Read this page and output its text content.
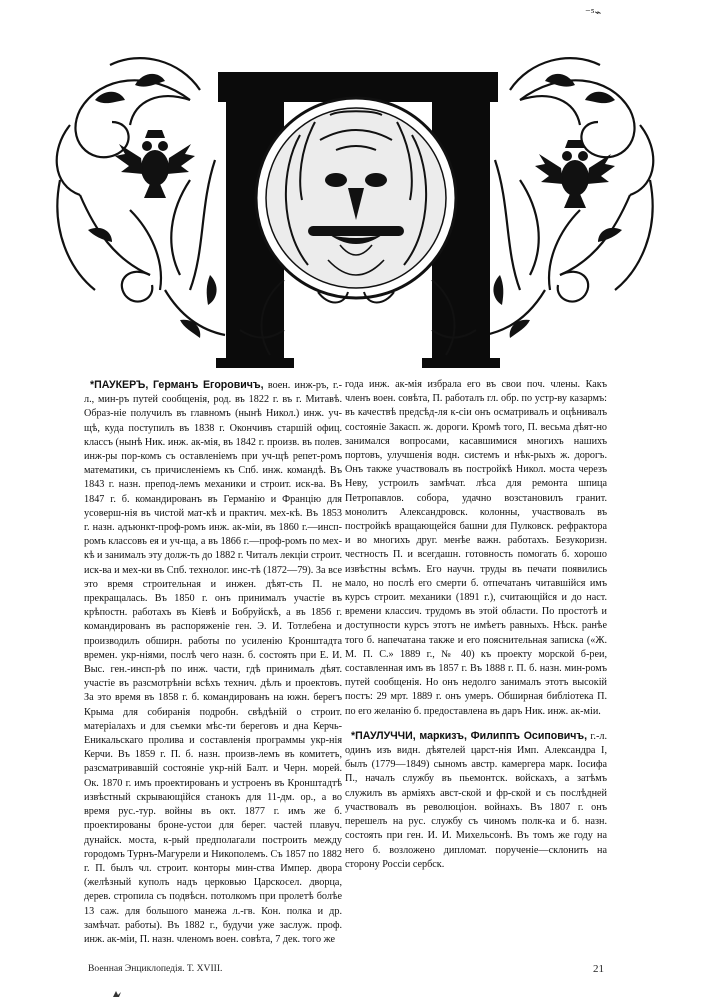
⁻⁵⌁

*ПАУКЕРЪ, Германъ Егоровичъ, воен. инж-ръ, г.-л., мин-ръ путей сообщенія, род. въ 1822 г. въ г. Митавѣ. Образ-ніе получилъ въ главномъ (нынѣ Никол.) инж. уч-щѣ, куда поступилъ въ 1838 г. Окончивъ старшій офиц. классъ (нынѣ Ник. инж. ак-мія, въ 1842 г. произв. въ полев. инж-ры пор-комъ съ оставленіемъ при уч-щѣ репет-ромъ математики, съ причисленіемъ къ Спб. инж. командѣ. Въ 1843 г. назн. препод-лемъ механики и строит. иск-ва. Въ 1847 г. б. командированъ въ Германію и Францію для усоверш-нія въ чистой мат-кѣ и практич. мех-кѣ. Въ 1853 г. назн. адъюнкт-проф-ромъ инж. ак-міи, въ 1860 г.—инсп-ромъ классовъ ея и уч-ща, а въ 1866 г.—проф-ромъ по мех-кѣ и занималъ эту долж-ть до 1882 г. Читалъ лекціи строит. иск-ва и мех-ки въ Спб. технолог. инс-тѣ (1872—79). За все это время строительная и инжен. дѣят-сть П. не прекращалась. Въ 1850 г. онъ принималъ участіе въ крѣпостн. работахъ въ Кіевѣ и Бобруйскѣ, а въ 1856 г. командированъ въ распоряженіе ген. Э. И. Тотлебена и производилъ обширн. работы по усиленію Кронштадта времен. укр-ніями, послѣ чего назн. б. состоять при Е. И. Выс. ген.-инсп-рѣ по инж. части, гдѣ принималъ дѣят. участіе въ разсмотрѣніи всѣхъ технич. дѣлъ и проектовъ. За это время въ 1858 г. б. командированъ на южн. берегъ Крыма для собиранія подробн. свѣдѣній о строит. матеріалахъ и для съемки мѣс-ти береговъ и дна Керчь-Еникальскаго пролива и составленія программы укр-нія Керчи. Въ 1859 г. П. б. назн. произв-лемъ въ комитетъ, разсматривавшій состояніе укр-ній Балт. и Черн. морей. Ок. 1870 г. имъ проектированъ и устроенъ въ Кронштадтѣ извѣстный скрывающійся станокъ для 11-дм. ор., а во время рус.-тур. войны въ окт. 1877 г. имъ же б. проектированы броне-устои для берег. частей плавуч. дунайск. моста, к-рый предполагали построить между городомъ Турнъ-Магурели и Никополемъ. Съ 1857 по 1882 г. П. былъ чл. строит. конторы мин-ства Импер. двора (желѣзный куполъ надъ церковью Царскосел. дворца, дерев. стропила съ подвѣсн. потолкомъ при пролетѣ болѣе 13 саж. для большого манежа л.-гв. Кон. полка и др. замѣчат. работы). Въ 1882 г., будучи уже заслуж. проф. инж. ак-міи, П. назн. членомъ воен. совѣта, 7 дек. того же

года инж. ак-мія избрала его въ свои поч. члены. Какъ членъ воен. совѣта, П. работалъ гл. обр. по устр-ву казармъ: въ качествѣ предсѣд-ля к-сіи онъ осматривалъ и оцѣнивалъ состояніе Закасп. ж. дороги. Кромѣ того, П. весьма дѣят-но занимался вопросами, касавшимися многихъ нашихъ портовъ, улучшенія водн. системъ и нѣк-рыхъ ж. дорогъ. Онъ также участвовалъ въ постройкѣ Никол. моста черезъ Неву, устроилъ замѣчат. лѣса для ремонта шпица Петропавлов. собора, удачно возстановилъ гранит. монолитъ Александровск. колонны, участвовалъ въ постройкѣ вращающейся башни для Пулковск. рефрактора и во многихъ друг. менѣе важн. работахъ. Безукоризн. честность П. и всегдашн. готовность помогать б. хорошо извѣстны всѣмъ. Его научн. труды въ печати появились мало, но послѣ его смерти б. отпечатанъ читавшійся имъ курсъ строит. механики (1891 г.), считающійся и до наст. времени классич. трудомъ въ этой области. По простотѣ и доступности курсъ этотъ не имѣетъ равныхъ. Нѣск. ранѣе того б. напечатана также и его пояснительная записка («Ж. М. П. С.» 1889 г., № 40) къ проекту морской б-реи, составленная имъ въ 1857 г. Въ 1888 г. П. б. назн. мин-ромъ путей сообщенія. Но онъ недолго занималъ этотъ высокій постъ: 29 мрт. 1889 г. онъ умеръ. Обширная библіотека П. по его желанію б. предоставлена въ даръ Ник. инж. ак-міи.

*ПАУЛУЧЧИ, маркизъ, Филиппъ Осиповичъ, г.-л. одинъ изъ видн. дѣятелей царст-нія Имп. Александра I, былъ (1779—1849) сыномъ австр. камергера марк. Іосифа П., началъ службу въ пьемонтск. войскахъ, а затѣмъ служилъ въ арміяхъ авст-ской и фр-ской и съ послѣдней участвовалъ въ революціон. войнахъ. Въ 1807 г. онъ перешелъ на рус. службу съ чиномъ полк-ка и б. назн. состоять при ген. И. И. Михельсонѣ. Въ томъ же году на него б. возложено дипломат. порученіе—склонить на сторону Россіи сербск.

Военная Энциклопедія. Т. XVIII.	21
